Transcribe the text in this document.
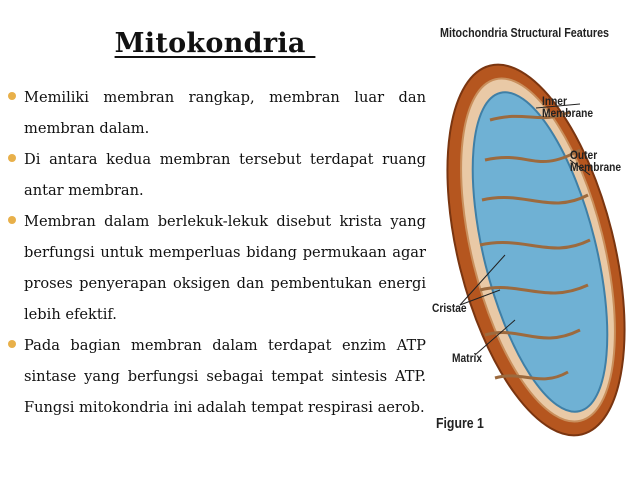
Mitokondria
Memiliki membran rangkap, membran luar dan membran dalam.
Di antara kedua membran tersebut terdapat ruang antar membran.
Membran dalam berlekuk-lekuk disebut krista yang berfungsi untuk memperluas bidang permukaan agar proses penyerapan oksigen dan pembentukan energi lebih efektif.
Pada bagian membran dalam terdapat enzim ATP sintase yang berfungsi sebagai tempat sintesis ATP. Fungsi mitokondria ini adalah tempat respirasi aerob.
Mitochondria Structural Features
Inner Membrane
Outer Membrane
Cristae
Matrix
Figure 1
